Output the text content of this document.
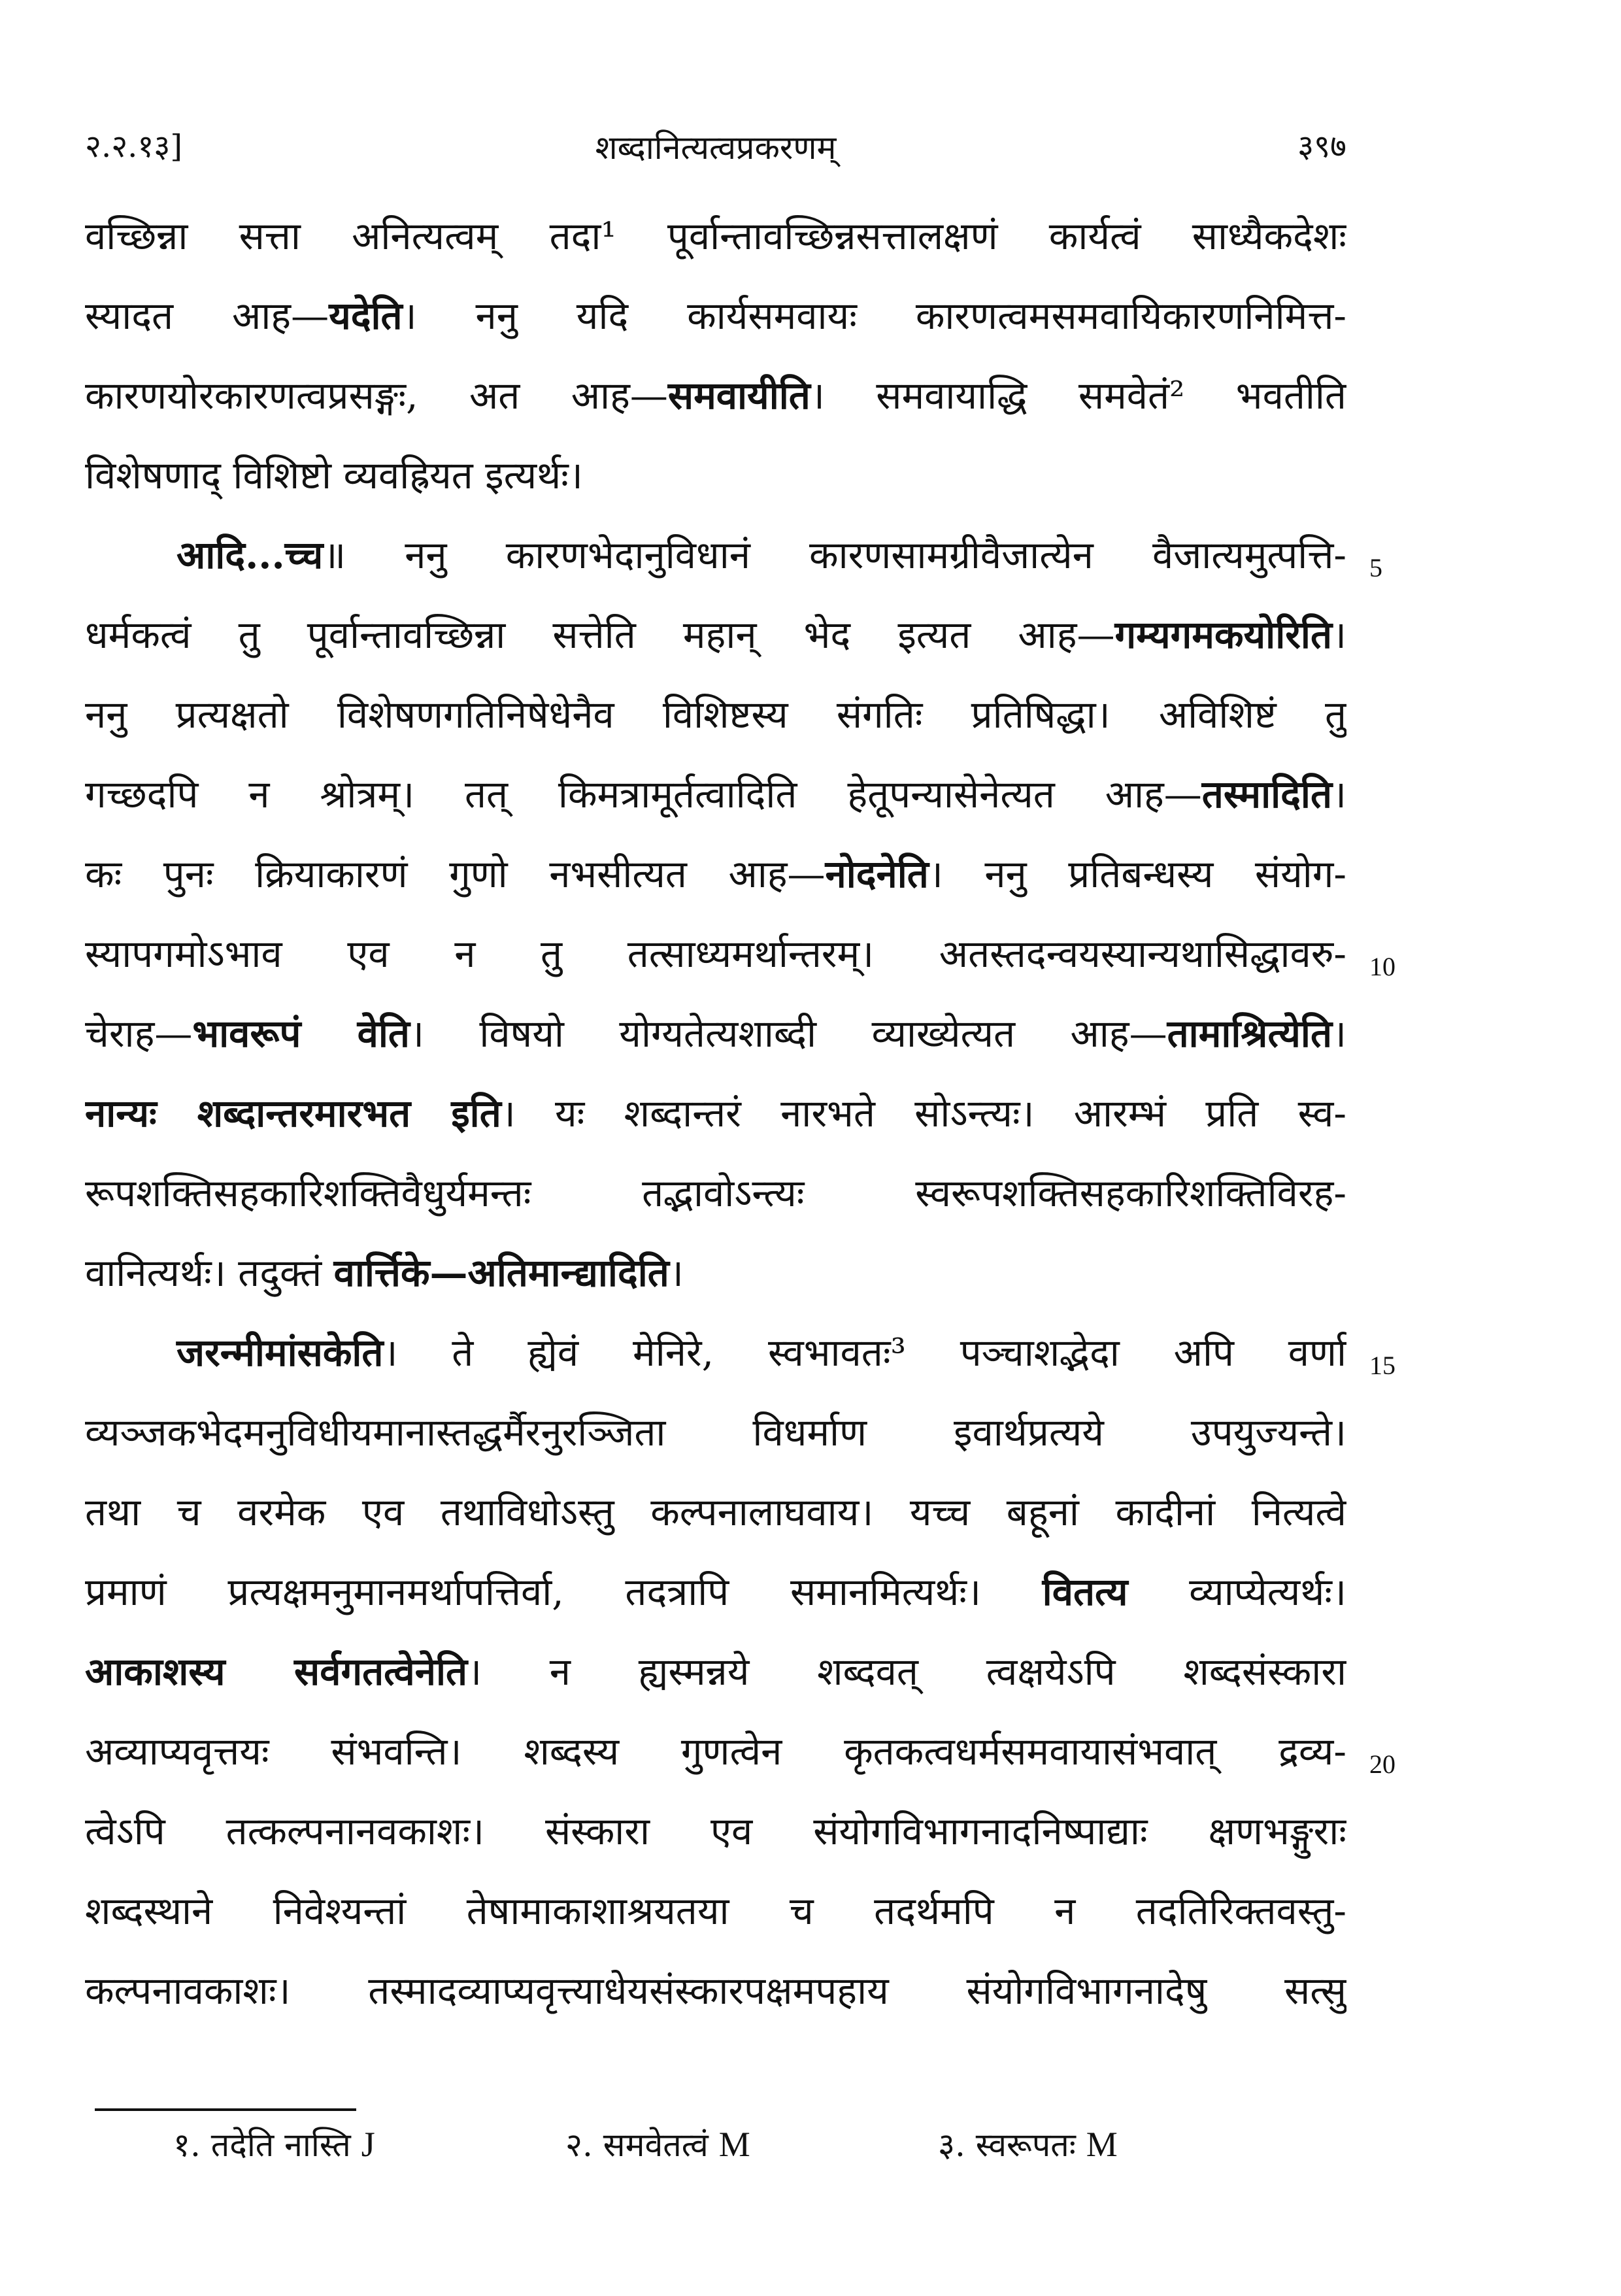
२.२.१३]	शब्दानित्यत्वप्रकरणम्	३९७
वच्छिन्ना सत्ता अनित्यत्वम् तदा¹ पूर्वान्तावच्छिन्नसत्तालक्षणं कार्यत्वं साध्यैकदेशः
स्यादत आह—यदेति। ननु यदि कार्यसमवायः कारणत्वमसमवायिकारणनिमित्त-
कारणयोरकारणत्वप्रसङ्गः, अत आह—समवायीति। समवायाद्धि समवेतं² भवतीति
विशेषणाद् विशिष्टो व्यवह्रियत इत्यर्थः।
आदि...च्च॥ ननु कारणभेदानुविधानं कारणसामग्रीवैजात्येन वैजात्यमुत्पत्ति-
धर्मकत्वं तु पूर्वान्तावच्छिन्ना सत्तेति महान् भेद इत्यत आह—गम्यगमकयोरिति।
ननु प्रत्यक्षतो विशेषणगतिनिषेधेनैव विशिष्टस्य संगतिः प्रतिषिद्धा। अविशिष्टं तु
गच्छदपि न श्रोत्रम्। तत् किमत्रामूर्तत्वादिति हेतूपन्यासेनेत्यत आह—तस्मादिति।
कः पुनः क्रियाकारणं गुणो नभसीत्यत आह—नोदनेति। ननु प्रतिबन्धस्य संयोग-
स्यापगमोऽभाव एव न तु तत्साध्यमर्थान्तरम्। अतस्तदन्वयस्यान्यथासिद्धावरु-
चेराह—भावरूपं वेति। विषयो योग्यतेत्यशाब्दी व्याख्येत्यत आह—तामाश्रित्येति।
नान्यः शब्दान्तरमारभत इति। यः शब्दान्तरं नारभते सोऽन्त्यः। आरम्भं प्रति स्व-
रूपशक्तिसहकारिशक्तिवैधुर्यमन्तः तद्भावोऽन्त्यः स्वरूपशक्तिसहकारिशक्तिविरह-
वानित्यर्थः। तदुक्तं वार्त्तिके—अतिमान्द्यादिति।
जरन्मीमांसकेति। ते ह्येवं मेनिरे, स्वभावतः³ पञ्चाशद्भेदा अपि वर्णा
व्यञ्जकभेदमनुविधीयमानास्तद्धर्मैरनुरञ्जिता विधर्माण इवार्थप्रत्यये उपयुज्यन्ते।
तथा च वरमेक एव तथाविधोऽस्तु कल्पनालाघवाय। यच्च बहूनां कादीनां नित्यत्वे
प्रमाणं प्रत्यक्षमनुमानमर्थापत्तिर्वा, तदत्रापि समानमित्यर्थः। वितत्य व्याप्येत्यर्थः।
आकाशस्य सर्वगतत्वेनेति। न ह्यस्मन्नये शब्दवत् त्वक्षयेऽपि शब्दसंस्कारा
अव्याप्यवृत्तयः संभवन्ति। शब्दस्य गुणत्वेन कृतकत्वधर्मसमवायासंभवात् द्रव्य-
त्वेऽपि तत्कल्पनानवकाशः। संस्कारा एव संयोगविभागनादनिष्पाद्याः क्षणभङ्गुराः
शब्दस्थाने निवेश्यन्तां तेषामाकाशाश्रयतया च तदर्थमपि न तदतिरिक्तवस्तु-
कल्पनावकाशः। तस्मादव्याप्यवृत्त्याधेयसंस्कारपक्षमपहाय संयोगविभागनादेषु सत्सु
5
10
15
20
१. तदेति नास्ति J	२. समवेतत्वं M	३. स्वरूपतः M
